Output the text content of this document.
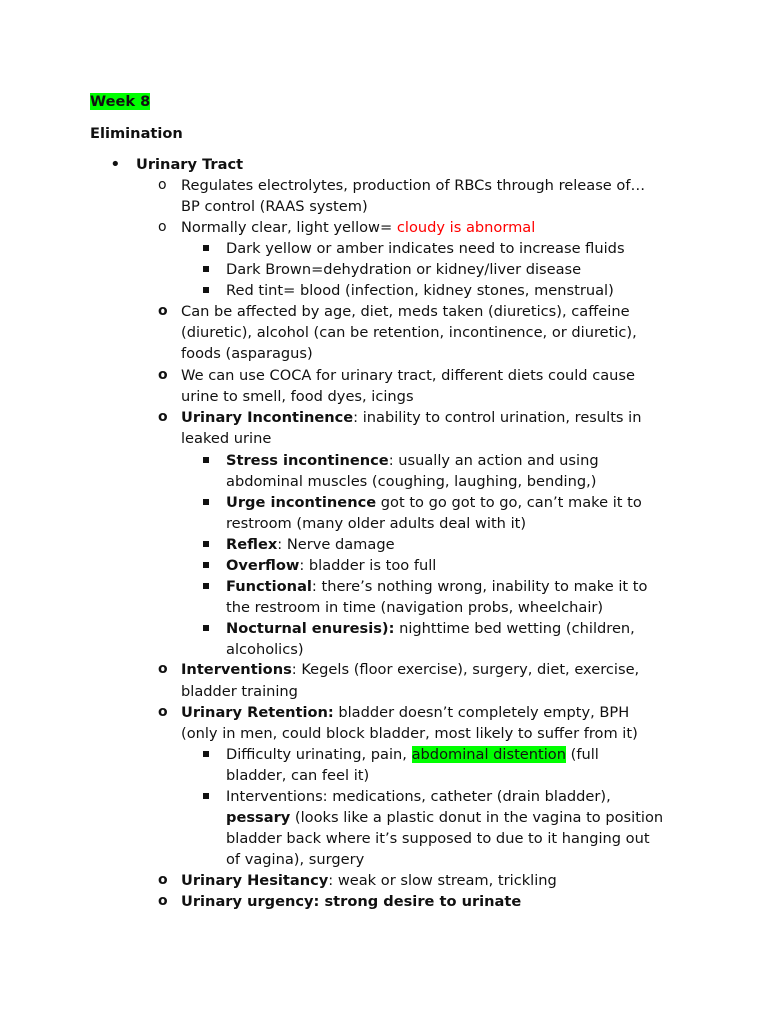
Week 8
Elimination
• Urinary Tract
o Regulates electrolytes, production of RBCs through release of…
BP control (RAAS system)
o Normally clear, light yellow= cloudy is abnormal
Dark yellow or amber indicates need to increase fluids
Dark Brown=dehydration or kidney/liver disease
Red tint= blood (infection, kidney stones, menstrual)
o Can be affected by age, diet, meds taken (diuretics), caffeine
(diuretic), alcohol (can be retention, incontinence, or diuretic),
foods (asparagus)
o We can use COCA for urinary tract, different diets could cause
urine to smell, food dyes, icings
o Urinary Incontinence: inability to control urination, results in
leaked urine
Stress incontinence: usually an action and using
abdominal muscles (coughing, laughing, bending,)
Urge incontinence got to go got to go, can’t make it to
restroom (many older adults deal with it)
Reflex: Nerve damage
Overflow: bladder is too full
Functional: there’s nothing wrong, inability to make it to
the restroom in time (navigation probs, wheelchair)
Nocturnal enuresis): nighttime bed wetting (children,
alcoholics)
o Interventions: Kegels (floor exercise), surgery, diet, exercise,
bladder training
o Urinary Retention: bladder doesn’t completely empty, BPH
(only in men, could block bladder, most likely to suffer from it)
Difficulty urinating, pain, abdominal distention (full
bladder, can feel it)
Interventions: medications, catheter (drain bladder),
pessary (looks like a plastic donut in the vagina to position
bladder back where it’s supposed to due to it hanging out
of vagina), surgery
o Urinary Hesitancy: weak or slow stream, trickling
o Urinary urgency: strong desire to urinate
